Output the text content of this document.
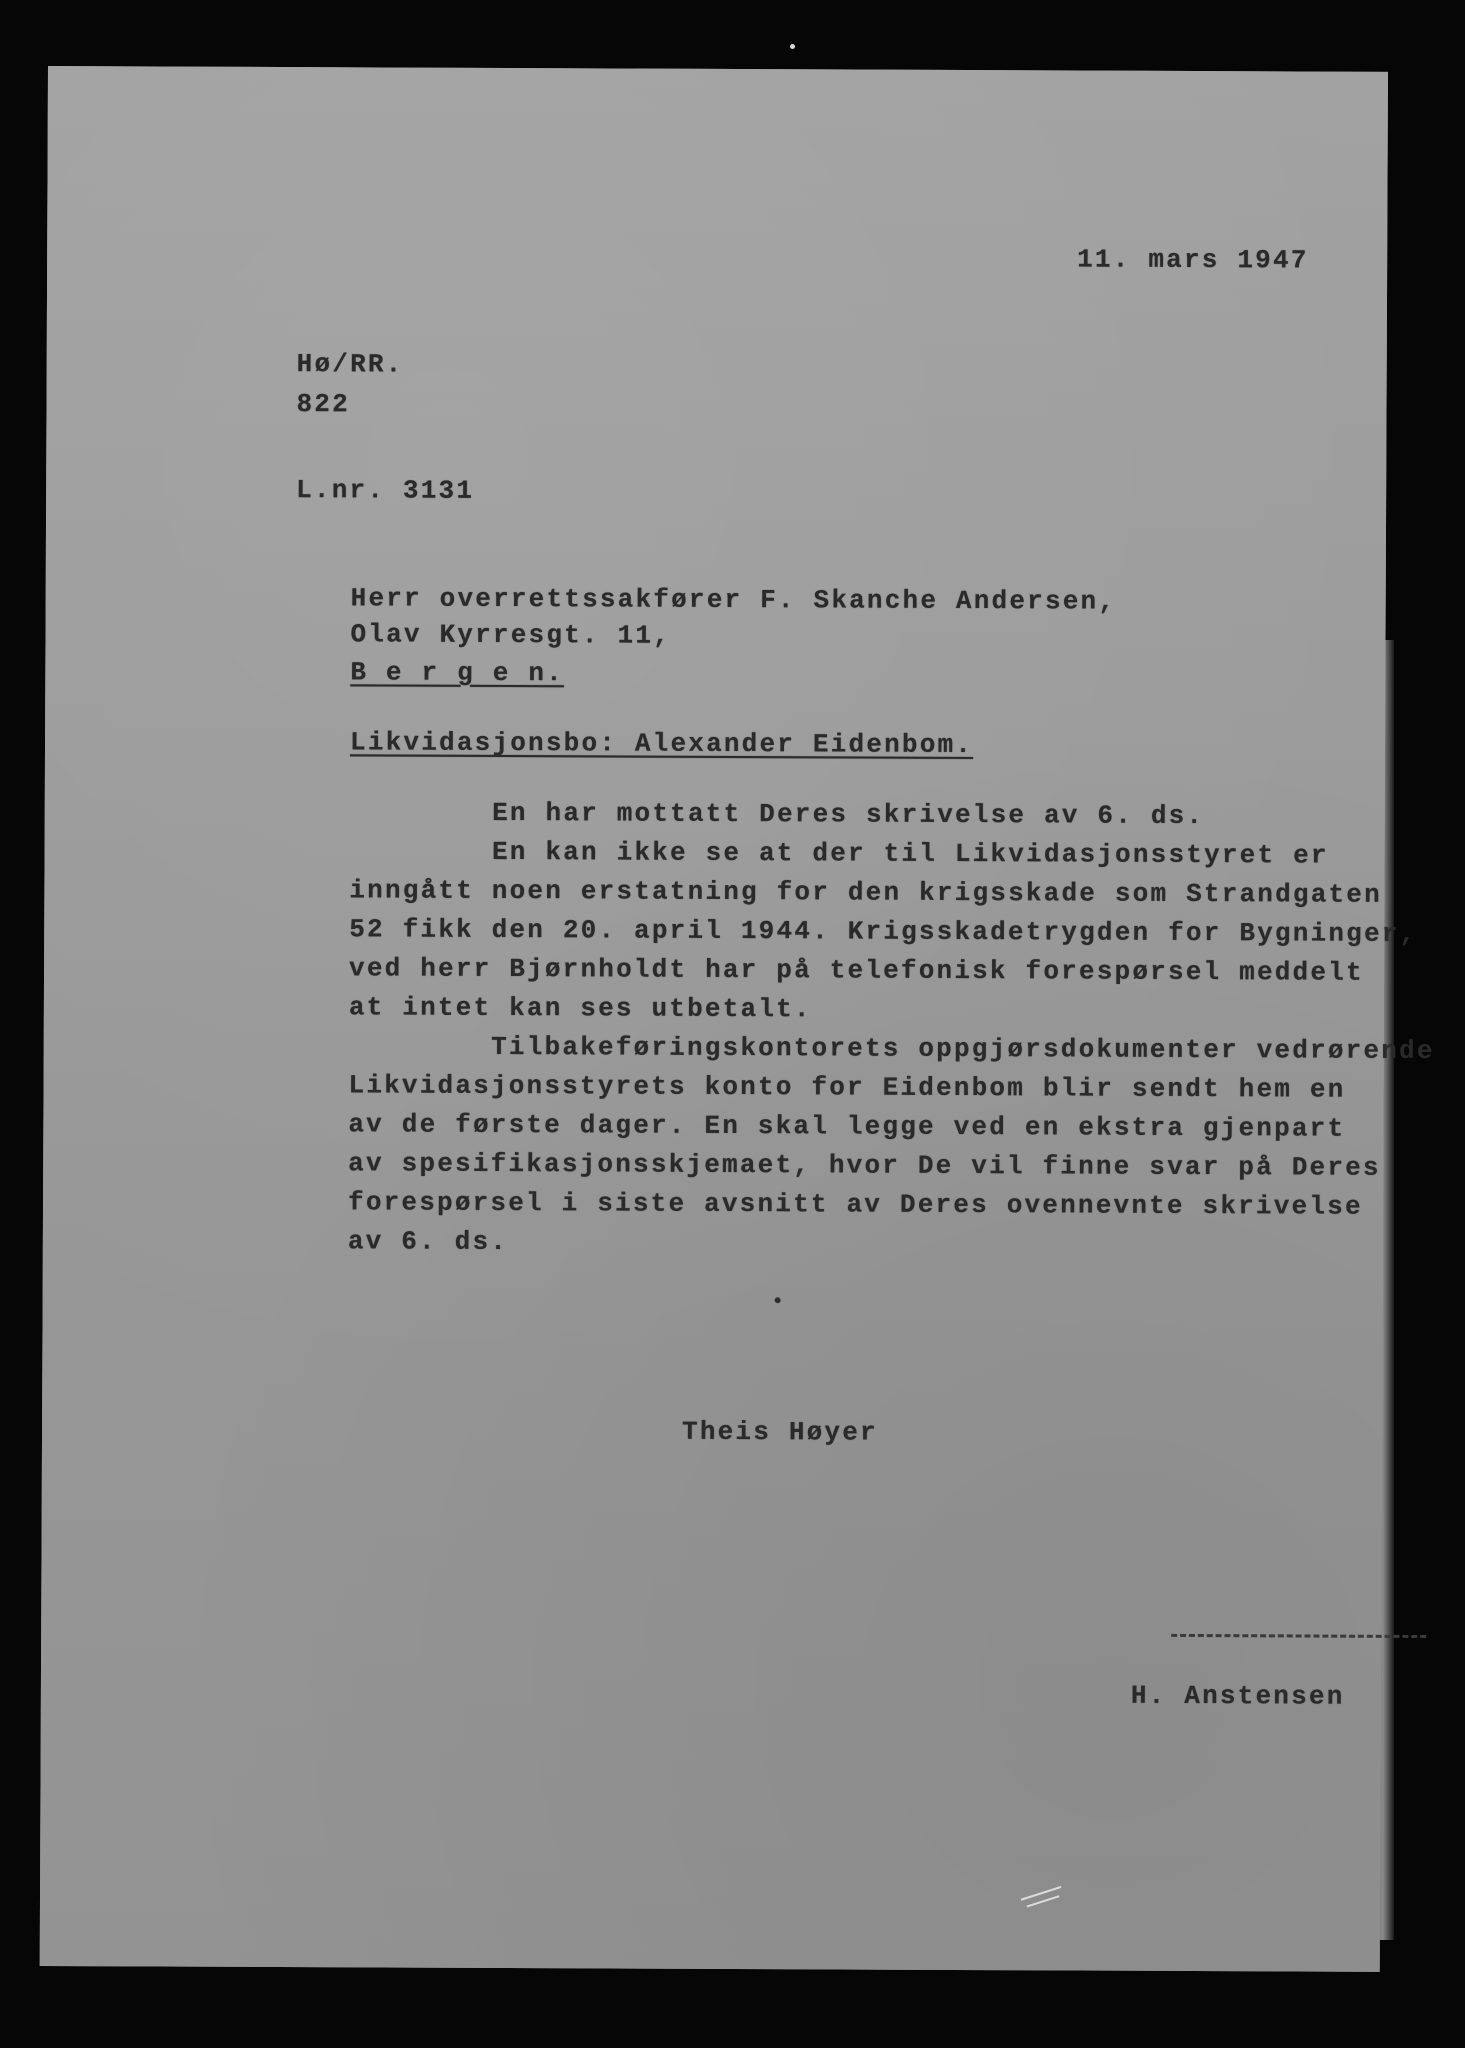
11. mars 1947
Hø/RR.
822
L.nr. 3131
Herr overrettssakfører F. Skanche Andersen,
Olav Kyrresgt. 11,
B e r g e n.
Likvidasjonsbo: Alexander Eidenbom.

En har mottatt Deres skrivelse av 6. ds.

En kan ikke se at der til Likvidasjonsstyret er

inngått noen erstatning for den krigsskade som Strandgaten

52 fikk den 20. april 1944. Krigsskadetrygden for Bygninger,

ved herr Bjørnholdt har på telefonisk forespørsel meddelt

at intet kan ses utbetalt.

Tilbakeføringskontorets oppgjørsdokumenter vedrørende

Likvidasjonsstyrets konto for Eidenbom blir sendt hem en

av de første dager. En skal legge ved en ekstra gjenpart

av spesifikasjonsskjemaet, hvor De vil finne svar på Deres

forespørsel i siste avsnitt av Deres ovennevnte skrivelse

av 6. ds.

Theis Høyer
H. Anstensen
